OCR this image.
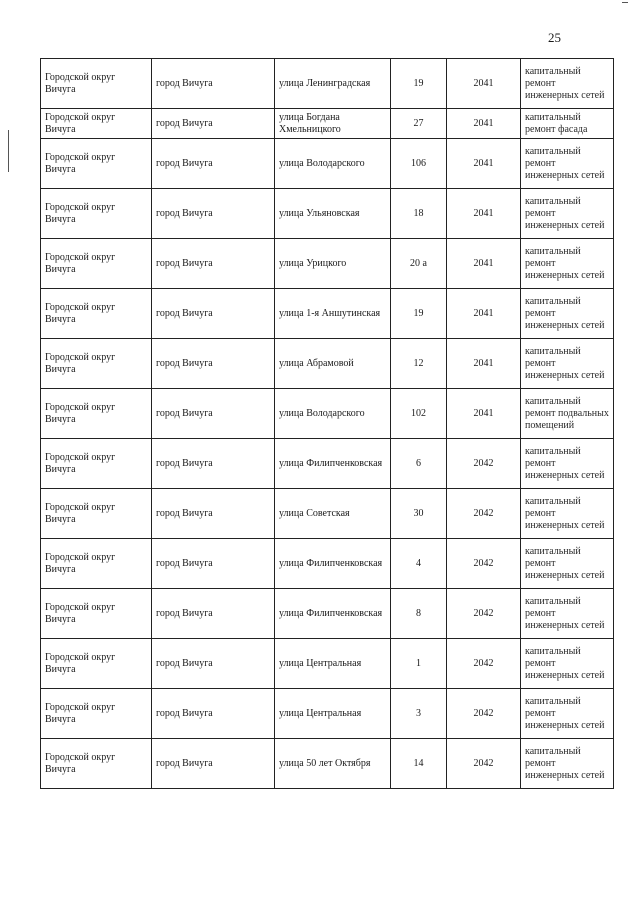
25
Городской округ Вичуга	город Вичуга	улица Ленинградская	19	2041	капитальный ремонт инженерных сетей
Городской округ Вичуга	город Вичуга	улица Богдана Хмельницкого	27	2041	капитальный ремонт фасада
Городской округ Вичуга	город Вичуга	улица Володарского	106	2041	капитальный ремонт инженерных сетей
Городской округ Вичуга	город Вичуга	улица Ульяновская	18	2041	капитальный ремонт инженерных сетей
Городской округ Вичуга	город Вичуга	улица Урицкого	20 а	2041	капитальный ремонт инженерных сетей
Городской округ Вичуга	город Вичуга	улица 1-я Аншутинская	19	2041	капитальный ремонт инженерных сетей
Городской округ Вичуга	город Вичуга	улица Абрамовой	12	2041	капитальный ремонт инженерных сетей
Городской округ Вичуга	город Вичуга	улица Володарского	102	2041	капитальный ремонт подвальных помещений
Городской округ Вичуга	город Вичуга	улица Филипченковская	6	2042	капитальный ремонт инженерных сетей
Городской округ Вичуга	город Вичуга	улица Советская	30	2042	капитальный ремонт инженерных сетей
Городской округ Вичуга	город Вичуга	улица Филипченковская	4	2042	капитальный ремонт инженерных сетей
Городской округ Вичуга	город Вичуга	улица Филипченковская	8	2042	капитальный ремонт инженерных сетей
Городской округ Вичуга	город Вичуга	улица Центральная	1	2042	капитальный ремонт инженерных сетей
Городской округ Вичуга	город Вичуга	улица Центральная	3	2042	капитальный ремонт инженерных сетей
Городской округ Вичуга	город Вичуга	улица 50 лет Октября	14	2042	капитальный ремонт инженерных сетей
